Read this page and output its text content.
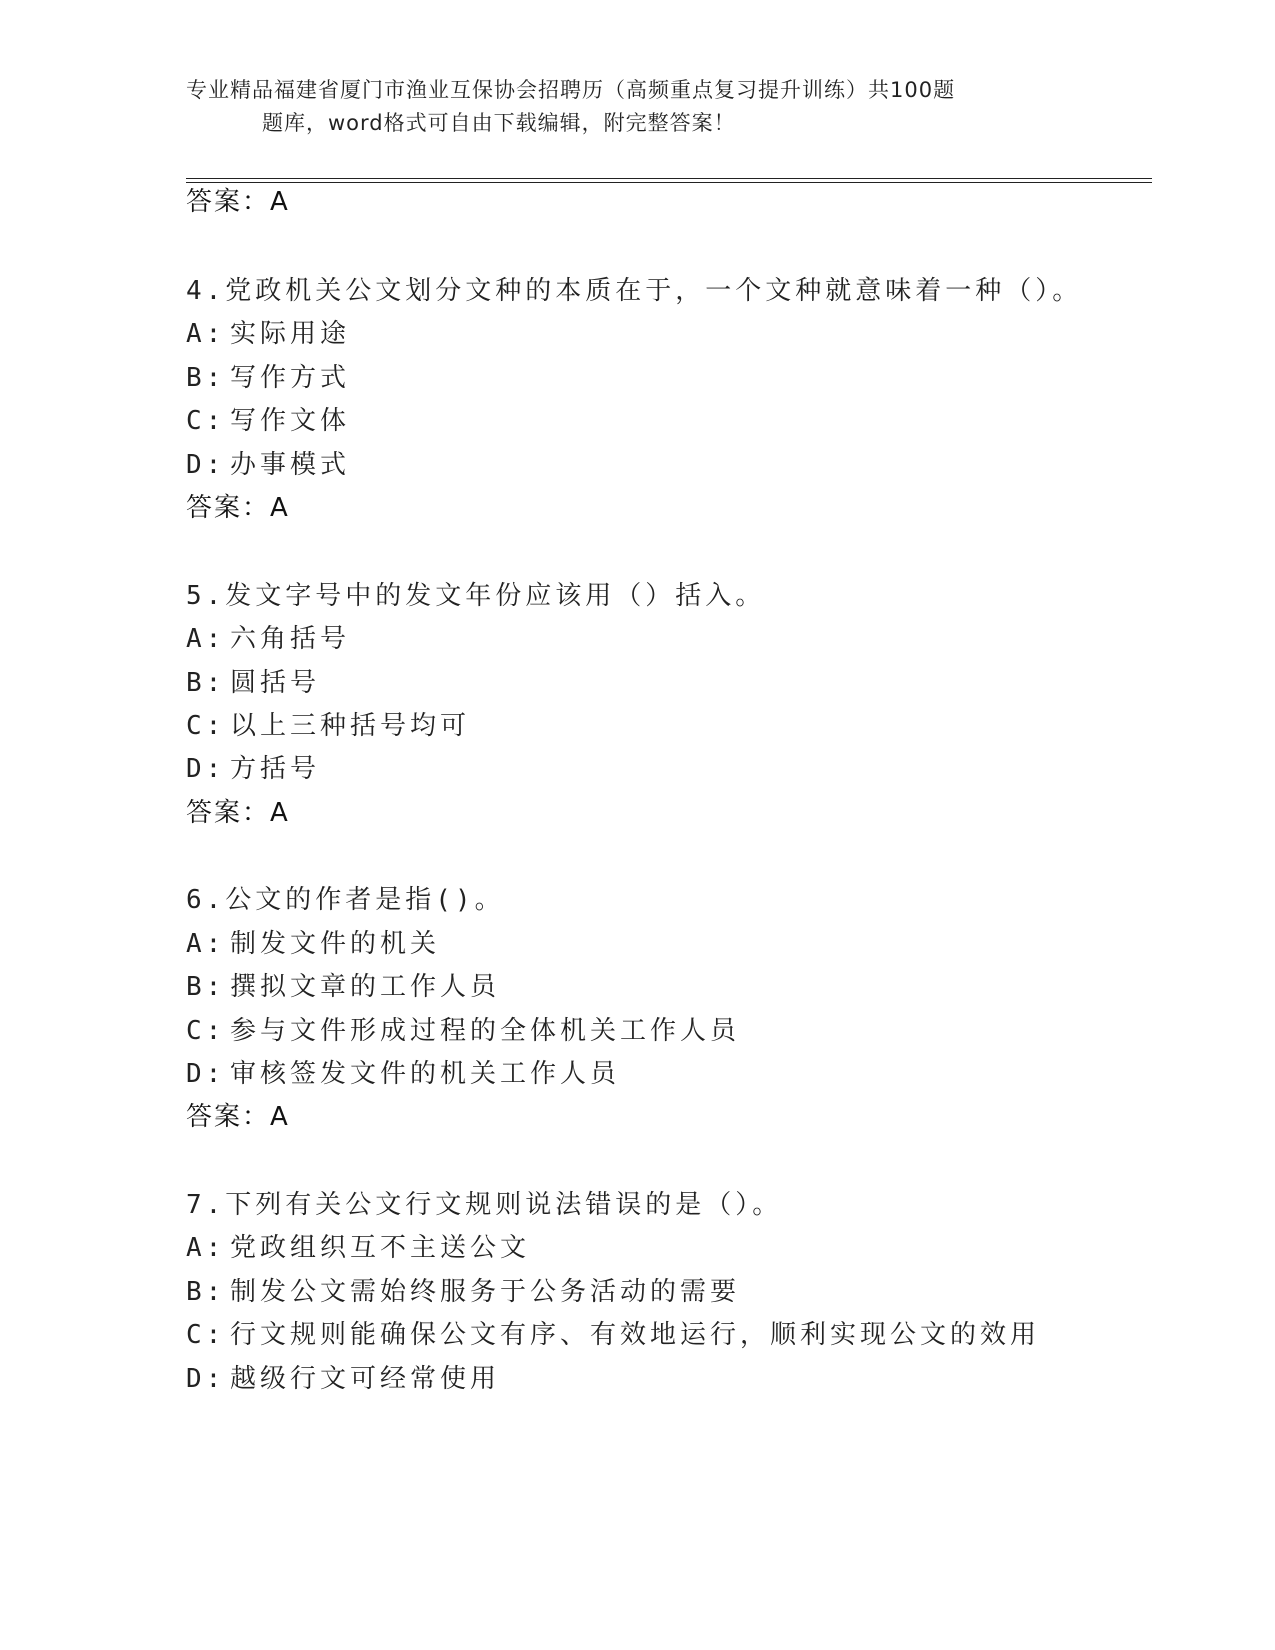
专业精品福建省厦门市渔业互保协会招聘历（高频重点复习提升训练）共100题
题库，word格式可自由下载编辑，附完整答案！
答案：A
4.党政机关公文划分文种的本质在于，一个文种就意味着一种（）。
A: 实际用途
B: 写作方式
C: 写作文体
D: 办事模式
答案：A
5.发文字号中的发文年份应该用（）括入。
A: 六角括号
B: 圆括号
C: 以上三种括号均可
D: 方括号
答案：A
6.公文的作者是指()。
A: 制发文件的机关
B: 撰拟文章的工作人员
C: 参与文件形成过程的全体机关工作人员
D: 审核签发文件的机关工作人员
答案：A
7.下列有关公文行文规则说法错误的是（）。
A: 党政组织互不主送公文
B: 制发公文需始终服务于公务活动的需要
C: 行文规则能确保公文有序、有效地运行，顺利实现公文的效用
D: 越级行文可经常使用
